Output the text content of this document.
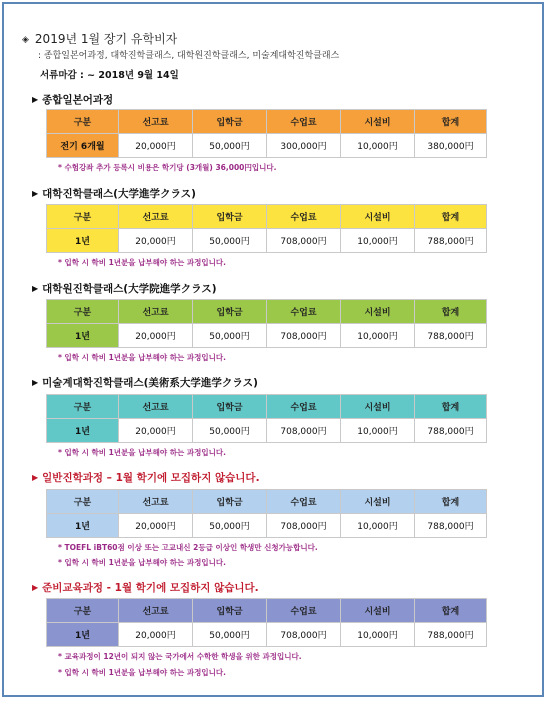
◈ 2019년 1월 장기 유학비자
: 종합일본어과정, 대학진학클래스, 대학원진학클래스, 미술계대학진학클래스
서류마감 : ~ 2018년 9월 14일
▶ 종합일본어과정
구분	선고료	입학금	수업료	시설비	합계
전기 6개월	20,000円	50,000円	300,000円	10,000円	380,000円
* 수험강좌 추가 등록시 비용은 학기당 (3개월) 36,000円입니다.
▶ 대학진학클래스(大学進学クラス)
구분	선고료	입학금	수업료	시설비	합계
1년	20,000円	50,000円	708,000円	10,000円	788,000円
* 입학 시 학비 1년분을 납부해야 하는 과정입니다.
▶ 대학원진학클래스(大学院進学クラス)
구분	선고료	입학금	수업료	시설비	합계
1년	20,000円	50,000円	708,000円	10,000円	788,000円
* 입학 시 학비 1년분을 납부해야 하는 과정입니다.
▶ 미술계대학진학클래스(美術系大学進学クラス)
구분	선고료	입학금	수업료	시설비	합계
1년	20,000円	50,000円	708,000円	10,000円	788,000円
* 입학 시 학비 1년분을 납부해야 하는 과정입니다.
▶ 일반진학과정 – 1월 학기에 모집하지 않습니다.
구분	선고료	입학금	수업료	시설비	합계
1년	20,000円	50,000円	708,000円	10,000円	788,000円
* TOEFL iBT60점 이상 또는 고교내신 2등급 이상인 학생만 신청가능합니다.
* 입학 시 학비 1년분을 납부해야 하는 과정입니다.
▶ 준비교육과정 - 1월 학기에 모집하지 않습니다.
구분	선고료	입학금	수업료	시설비	합계
1년	20,000円	50,000円	708,000円	10,000円	788,000円
* 교육과정이 12년이 되지 않는 국가에서 수학한 학생을 위한 과정입니다.
* 입학 시 학비 1년분을 납부해야 하는 과정입니다.
